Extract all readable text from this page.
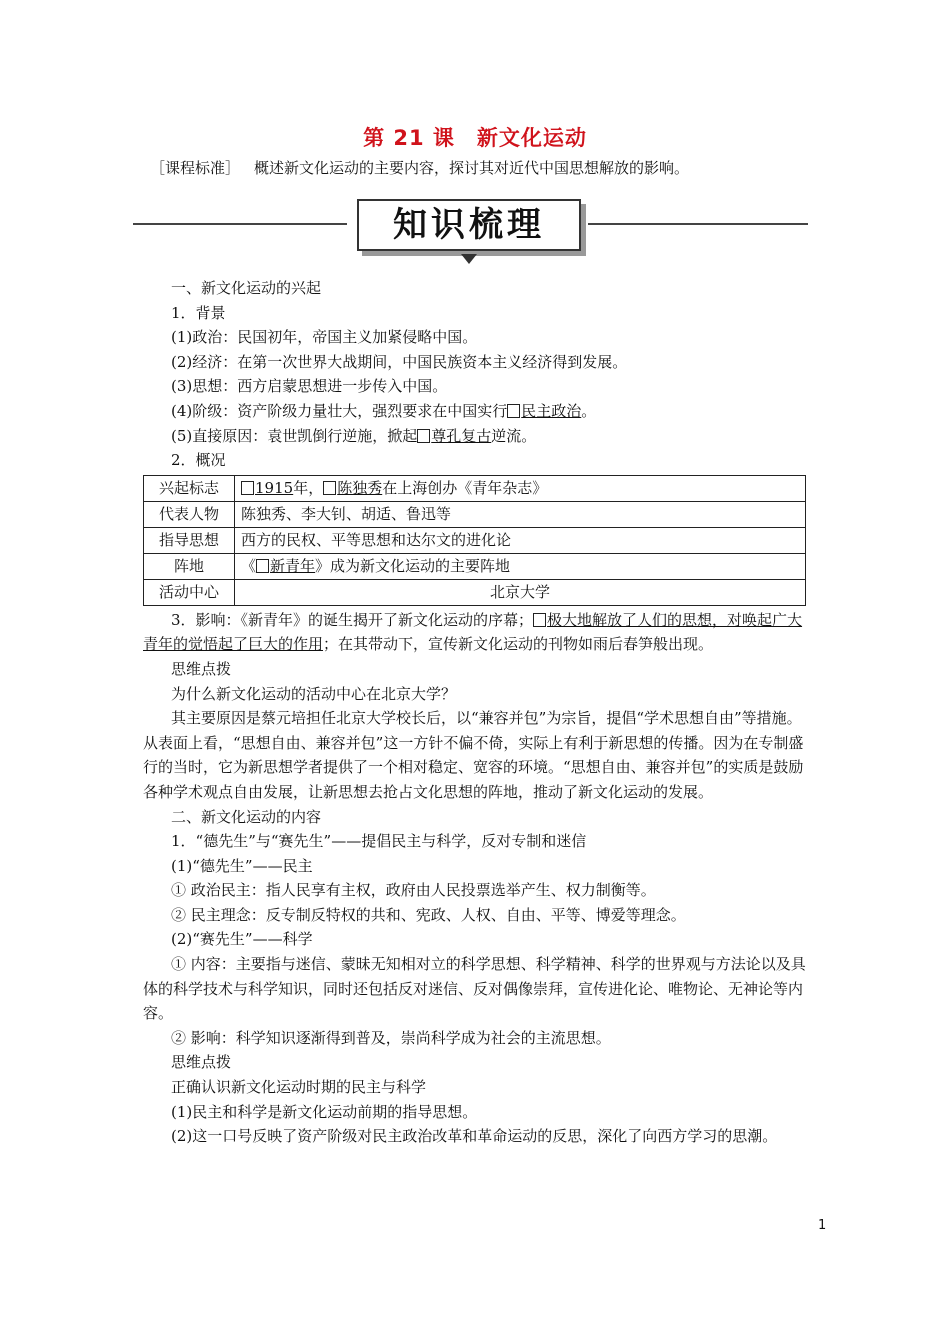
第 21 课 新文化运动
［课程标准］ 概述新文化运动的主要内容，探讨其对近代中国思想解放的影响。
知识梳理

一、新文化运动的兴起

1．背景

(1)政治：民国初年，帝国主义加紧侵略中国。

(2)经济：在第一次世界大战期间，中国民族资本主义经济得到发展。

(3)思想：西方启蒙思想进一步传入中国。

(4)阶级：资产阶级力量壮大，强烈要求在中国实行 民主政治。

(5)直接原因：袁世凯倒行逆施，掀起 尊孔复古逆流。

2．概况

兴起标志	1915年， 陈独秀在上海创办《青年杂志》
代表人物	陈独秀、李大钊、胡适、鲁迅等
指导思想	西方的民权、平等思想和达尔文的进化论
阵地	《 新青年》成为新文化运动的主要阵地
活动中心	北京大学

3．影响：《新青年》的诞生揭开了新文化运动的序幕； 极大地解放了人们的思想，对唤起广大青年的觉悟起了巨大的作用；在其带动下，宣传新文化运动的刊物如雨后春笋般出现。

思维点拨

为什么新文化运动的活动中心在北京大学？

其主要原因是蔡元培担任北京大学校长后，以“兼容并包”为宗旨，提倡“学术思想自由”等措施。从表面上看，“思想自由、兼容并包”这一方针不偏不倚，实际上有利于新思想的传播。因为在专制盛行的当时，它为新思想学者提供了一个相对稳定、宽容的环境。“思想自由、兼容并包”的实质是鼓励各种学术观点自由发展，让新思想去抢占文化思想的阵地，推动了新文化运动的发展。

二、新文化运动的内容

1．“德先生”与“赛先生”——提倡民主与科学，反对专制和迷信

(1)“德先生”——民主

① 政治民主：指人民享有主权，政府由人民投票选举产生、权力制衡等。

② 民主理念：反专制反特权的共和、宪政、人权、自由、平等、博爱等理念。

(2)“赛先生”——科学

① 内容：主要指与迷信、蒙昧无知相对立的科学思想、科学精神、科学的世界观与方法论以及具体的科学技术与科学知识，同时还包括反对迷信、反对偶像崇拜，宣传进化论、唯物论、无神论等内容。

② 影响：科学知识逐渐得到普及，崇尚科学成为社会的主流思想。

思维点拨

正确认识新文化运动时期的民主与科学

(1)民主和科学是新文化运动前期的指导思想。

(2)这一口号反映了资产阶级对民主政治改革和革命运动的反思，深化了向西方学习的思潮。

1
